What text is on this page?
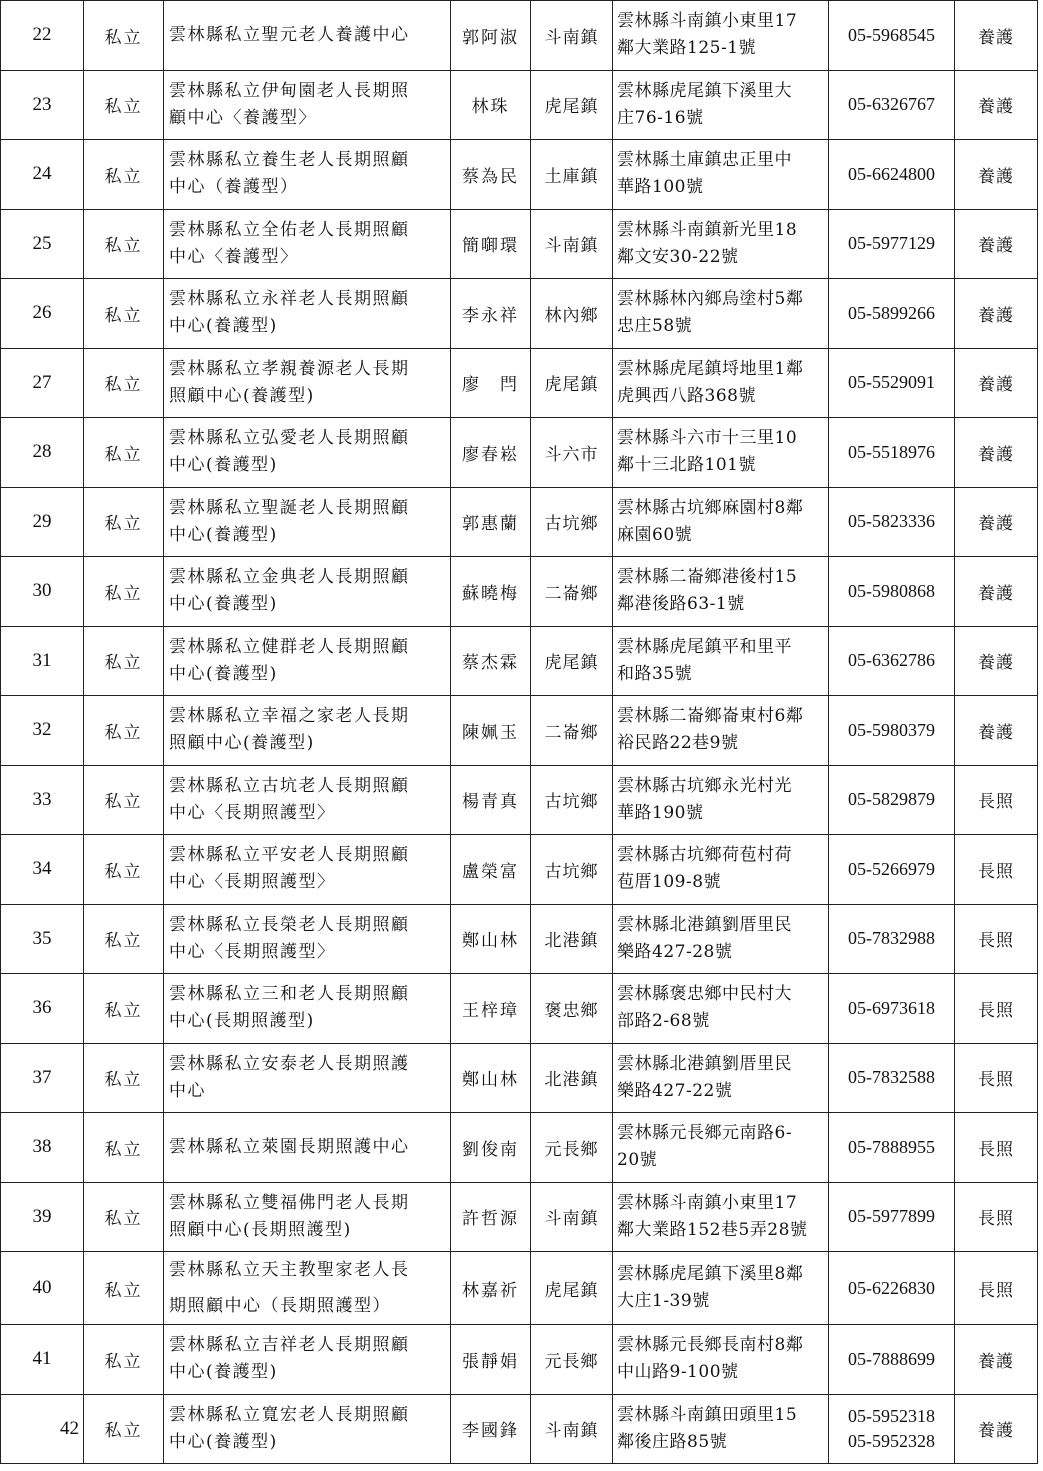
22	私立	雲林縣私立聖元老人養護中心	郭阿淑	斗南鎮	雲林縣斗南鎮小東里17
鄰大業路125-1號	05-5968545	養護
23	私立	雲林縣私立伊甸園老人長期照
顧中心〈養護型〉	林珠	虎尾鎮	雲林縣虎尾鎮下溪里大
庄76-16號	05-6326767	養護
24	私立	雲林縣私立養生老人長期照顧
中心（養護型）	蔡為民	土庫鎮	雲林縣土庫鎮忠正里中
華路100號	05-6624800	養護
25	私立	雲林縣私立全佑老人長期照顧
中心〈養護型〉	簡啣環	斗南鎮	雲林縣斗南鎮新光里18
鄰文安30-22號	05-5977129	養護
26	私立	雲林縣私立永祥老人長期照顧
中心(養護型)	李永祥	林內鄉	雲林縣林內鄉烏塗村5鄰
忠庄58號	05-5899266	養護
27	私立	雲林縣私立孝親養源老人長期
照顧中心(養護型)	廖　閂	虎尾鎮	雲林縣虎尾鎮埒地里1鄰
虎興西八路368號	05-5529091	養護
28	私立	雲林縣私立弘愛老人長期照顧
中心(養護型)	廖春崧	斗六市	雲林縣斗六市十三里10
鄰十三北路101號	05-5518976	養護
29	私立	雲林縣私立聖誕老人長期照顧
中心(養護型)	郭惠蘭	古坑鄉	雲林縣古坑鄉麻園村8鄰
麻園60號	05-5823336	養護
30	私立	雲林縣私立金典老人長期照顧
中心(養護型)	蘇曉梅	二崙鄉	雲林縣二崙鄉港後村15
鄰港後路63-1號	05-5980868	養護
31	私立	雲林縣私立健群老人長期照顧
中心(養護型)	蔡杰霖	虎尾鎮	雲林縣虎尾鎮平和里平
和路35號	05-6362786	養護
32	私立	雲林縣私立幸福之家老人長期
照顧中心(養護型)	陳姵玉	二崙鄉	雲林縣二崙鄉崙東村6鄰
裕民路22巷9號	05-5980379	養護
33	私立	雲林縣私立古坑老人長期照顧
中心〈長期照護型〉	楊青真	古坑鄉	雲林縣古坑鄉永光村光
華路190號	05-5829879	長照
34	私立	雲林縣私立平安老人長期照顧
中心〈長期照護型〉	盧榮富	古坑鄉	雲林縣古坑鄉荷苞村荷
苞厝109-8號	05-5266979	長照
35	私立	雲林縣私立長榮老人長期照顧
中心〈長期照護型〉	鄭山林	北港鎮	雲林縣北港鎮劉厝里民
樂路427-28號	05-7832988	長照
36	私立	雲林縣私立三和老人長期照顧
中心(長期照護型)	王梓璋	褒忠鄉	雲林縣褒忠鄉中民村大
部路2-68號	05-6973618	長照
37	私立	雲林縣私立安泰老人長期照護
中心	鄭山林	北港鎮	雲林縣北港鎮劉厝里民
樂路427-22號	05-7832588	長照
38	私立	雲林縣私立萊園長期照護中心	劉俊南	元長鄉	雲林縣元長鄉元南路6-
20號	05-7888955	長照
39	私立	雲林縣私立雙福佛門老人長期
照顧中心(長期照護型)	許哲源	斗南鎮	雲林縣斗南鎮小東里17
鄰大業路152巷5弄28號	05-5977899	長照
40	私立	雲林縣私立天主教聖家老人長
期照顧中心（長期照護型）	林嘉祈	虎尾鎮	雲林縣虎尾鎮下溪里8鄰
大庄1-39號	05-6226830	長照
41	私立	雲林縣私立吉祥老人長期照顧
中心(養護型)	張靜娟	元長鄉	雲林縣元長鄉長南村8鄰
中山路9-100號	05-7888699	養護
42	私立	雲林縣私立寬宏老人長期照顧
中心(養護型)	李國鋒	斗南鎮	雲林縣斗南鎮田頭里15
鄰後庄路85號	05-5952318
05-5952328	養護
